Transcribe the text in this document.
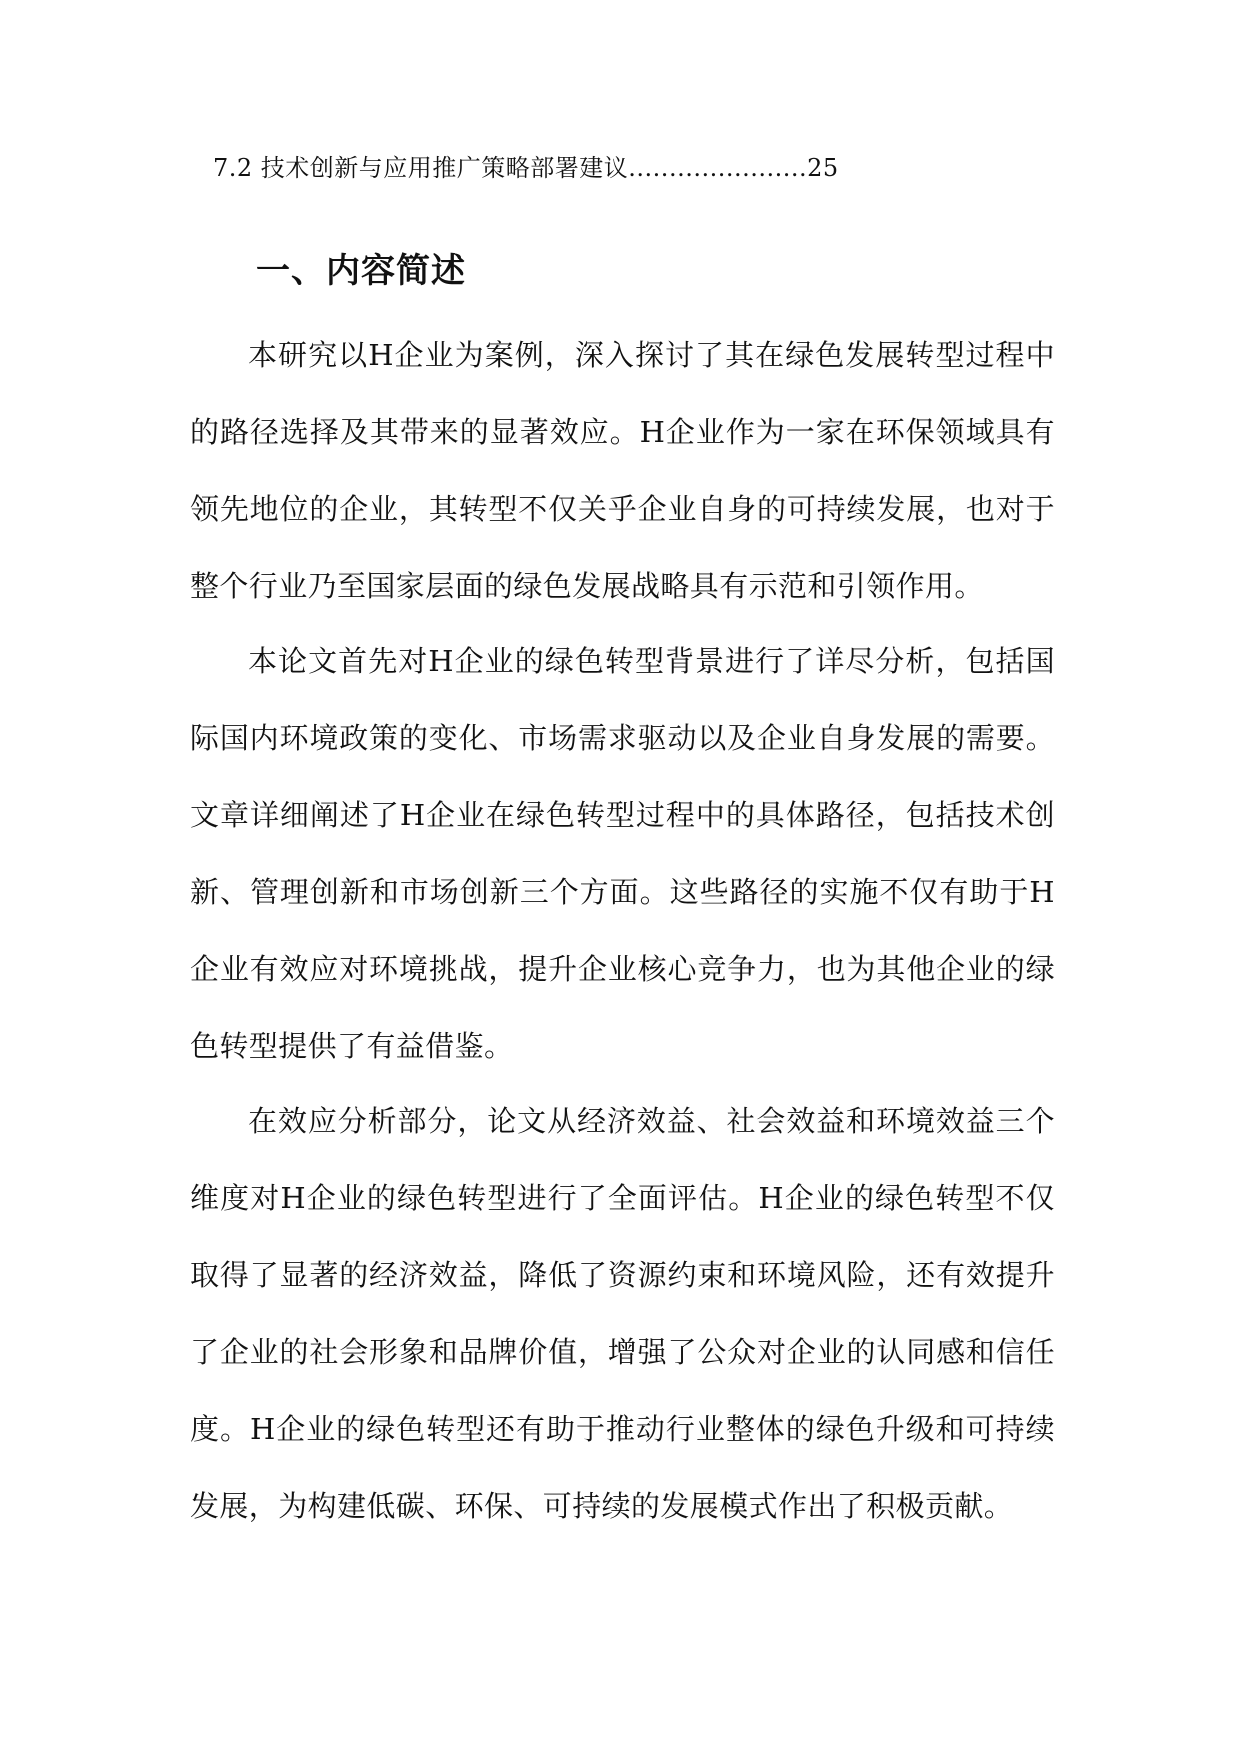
7.2 技术创新与应用推广策略部署建议......................25
一、内容简述

本研究以H企业为案例，深入探讨了其在绿色发展转型过程中的路径选择及其带来的显著效应。H企业作为一家在环保领域具有领先地位的企业，其转型不仅关乎企业自身的可持续发展，也对于整个行业乃至国家层面的绿色发展战略具有示范和引领作用。

本论文首先对H企业的绿色转型背景进行了详尽分析，包括国际国内环境政策的变化、市场需求驱动以及企业自身发展的需要。文章详细阐述了H企业在绿色转型过程中的具体路径，包括技术创新、管理创新和市场创新三个方面。这些路径的实施不仅有助于H企业有效应对环境挑战，提升企业核心竞争力，也为其他企业的绿色转型提供了有益借鉴。

在效应分析部分，论文从经济效益、社会效益和环境效益三个维度对H企业的绿色转型进行了全面评估。H企业的绿色转型不仅取得了显著的经济效益，降低了资源约束和环境风险，还有效提升了企业的社会形象和品牌价值，增强了公众对企业的认同感和信任度。H企业的绿色转型还有助于推动行业整体的绿色升级和可持续发展，为构建低碳、环保、可持续的发展模式作出了积极贡献。
